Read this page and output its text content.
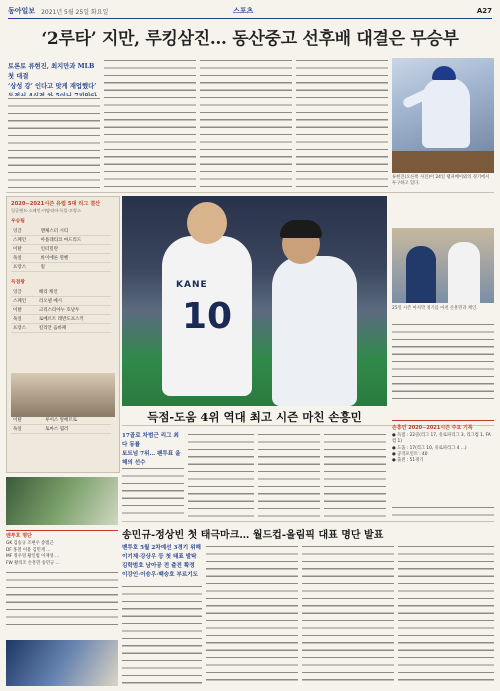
동아일보 2021년 5월 25일 화요일	스포츠	A27
‘2루타’ 지만, 루킹삼진… 동산중고 선후배 대결은 무승부
토론토 류현진, 최지만과 MLB 첫 대결
‘상성 강’ 인다고 맞게 재업했다’
류현진(오른쪽 사진)이 24일 탬파베이와의 경기에서 투구하고 있다.
2020∼2021시즌 유럽 5대 리그 결산
잉글랜드·스페인·이탈리아·독일·프랑스
우승팀
잉글	맨체스터 시티
스페인	아틀레티코 마드리드
이탈	인터밀란
독일	바이에른 뮌헨
프랑스	릴
득점왕
잉글	해리 케인
스페인	리오넬 메시
이탈	크리스티아누 호날두
독일	로베르트 레반도프스키
프랑스	킬리안 음바페

이탈	루이스 알베르토
독일	토마스 뮐러
KANE
10	25일 시즌 마지막 경기를 마친 손흥민과 케인.
득점-도움 4위 역대 최고 시즌 마친 손흥민
17골로 차범근 리그 최다 동률
토트넘 7위… 팬투표 올해의 선수
손흥민 2020∼2021시즌 주요 기록
● 득점 : 22골(리그 17, 유로파리그 3, 리그컵 1, FA컵 1)
● 도움 : 17(리그 10, 유로파리그 4 ...)
● 공격포인트 : 40
● 출전 : 51경기
송민규-정상빈 첫 태극마크… 월드컵-올림픽 대표 명단 발표
벤투호 5월 2차예선 3경기 위해
이기제·강상우 등 첫 태표 발탁
김학범호 남아공 전 출전 확정
이강인·이승우·백승호 부르기도
벤투호 명단
GK 김승규 조현우 송범근
DF 홍철 이용 김민재 ...
MF 정우영 황인범 이재성 ...
FW 황의조 손흥민 송민규 ...
